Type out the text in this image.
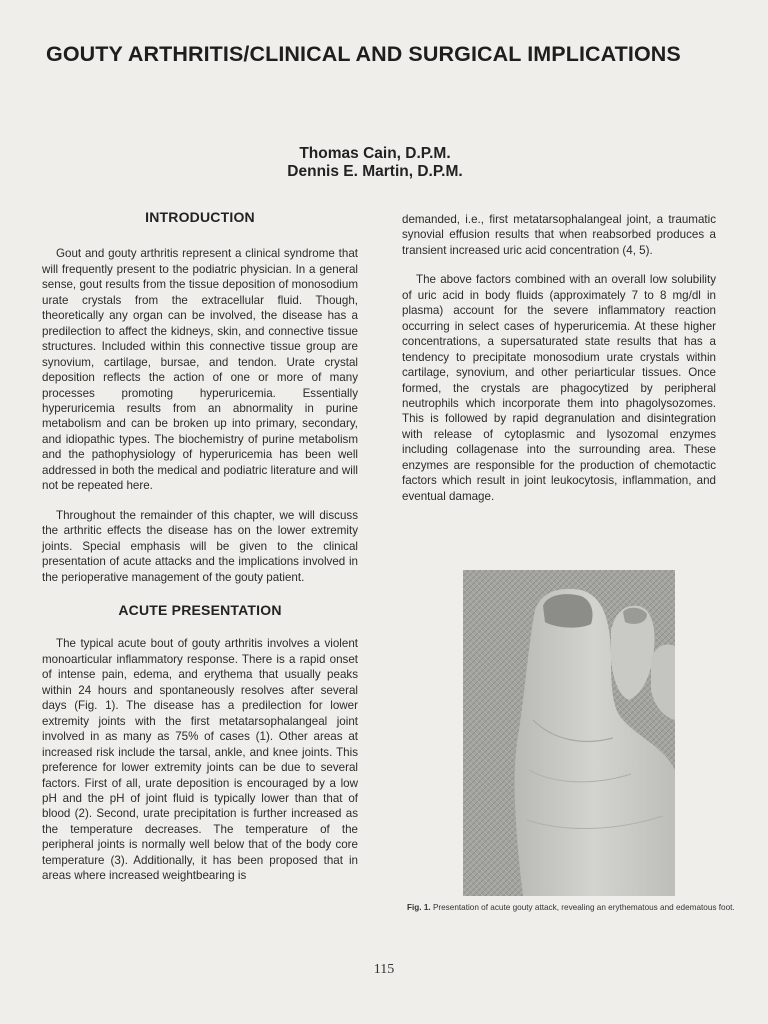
GOUTY ARTHRITIS/CLINICAL AND SURGICAL IMPLICATIONS
Thomas Cain, D.P.M.
Dennis E. Martin, D.P.M.
INTRODUCTION

Gout and gouty arthritis represent a clinical syndrome that will frequently present to the podiatric physician. In a general sense, gout results from the tissue deposition of monosodium urate crystals from the extracellular fluid. Though, theoretically any organ can be involved, the disease has a predilection to affect the kidneys, skin, and connective tissue structures. Included within this connective tissue group are synovium, cartilage, bursae, and tendon. Urate crystal deposition reflects the action of one or more of many processes promoting hyperuricemia. Essentially hyperuricemia results from an abnormality in purine metabolism and can be broken up into primary, secondary, and idiopathic types. The biochemistry of purine metabolism and the pathophysiology of hyperuricemia has been well addressed in both the medical and podiatric literature and will not be repeated here.

Throughout the remainder of this chapter, we will discuss the arthritic effects the disease has on the lower extremity joints. Special emphasis will be given to the clinical presentation of acute attacks and the implications involved in the perioperative management of the gouty patient.

ACUTE PRESENTATION

The typical acute bout of gouty arthritis involves a violent monoarticular inflammatory response. There is a rapid onset of intense pain, edema, and erythema that usually peaks within 24 hours and spontaneously resolves after several days (Fig. 1). The disease has a predilection for lower extremity joints with the first metatarsophalangeal joint involved in as many as 75% of cases (1). Other areas at increased risk include the tarsal, ankle, and knee joints. This preference for lower extremity joints can be due to several factors. First of all, urate deposition is encouraged by a low pH and the pH of joint fluid is typically lower than that of blood (2). Second, urate precipitation is further increased as the temperature decreases. The temperature of the peripheral joints is normally well below that of the body core temperature (3). Additionally, it has been proposed that in areas where increased weightbearing is

demanded, i.e., first metatarsophalangeal joint, a traumatic synovial effusion results that when reabsorbed produces a transient increased uric acid concentration (4, 5).

The above factors combined with an overall low solubility of uric acid in body fluids (approximately 7 to 8 mg/dl in plasma) account for the severe inflammatory reaction occurring in select cases of hyperuricemia. At these higher concentrations, a supersaturated state results that has a tendency to precipitate monosodium urate crystals within cartilage, synovium, and other periarticular tissues. Once formed, the crystals are phagocytized by peripheral neutrophils which incorporate them into phagolysozomes. This is followed by rapid degranulation and disintegration with release of cytoplasmic and lysozomal enzymes including collagenase into the surrounding area. These enzymes are responsible for the production of chemotactic factors which result in joint leukocytosis, inflammation, and eventual damage.

Fig. 1. Presentation of acute gouty attack, revealing an erythematous and edematous foot.
115
